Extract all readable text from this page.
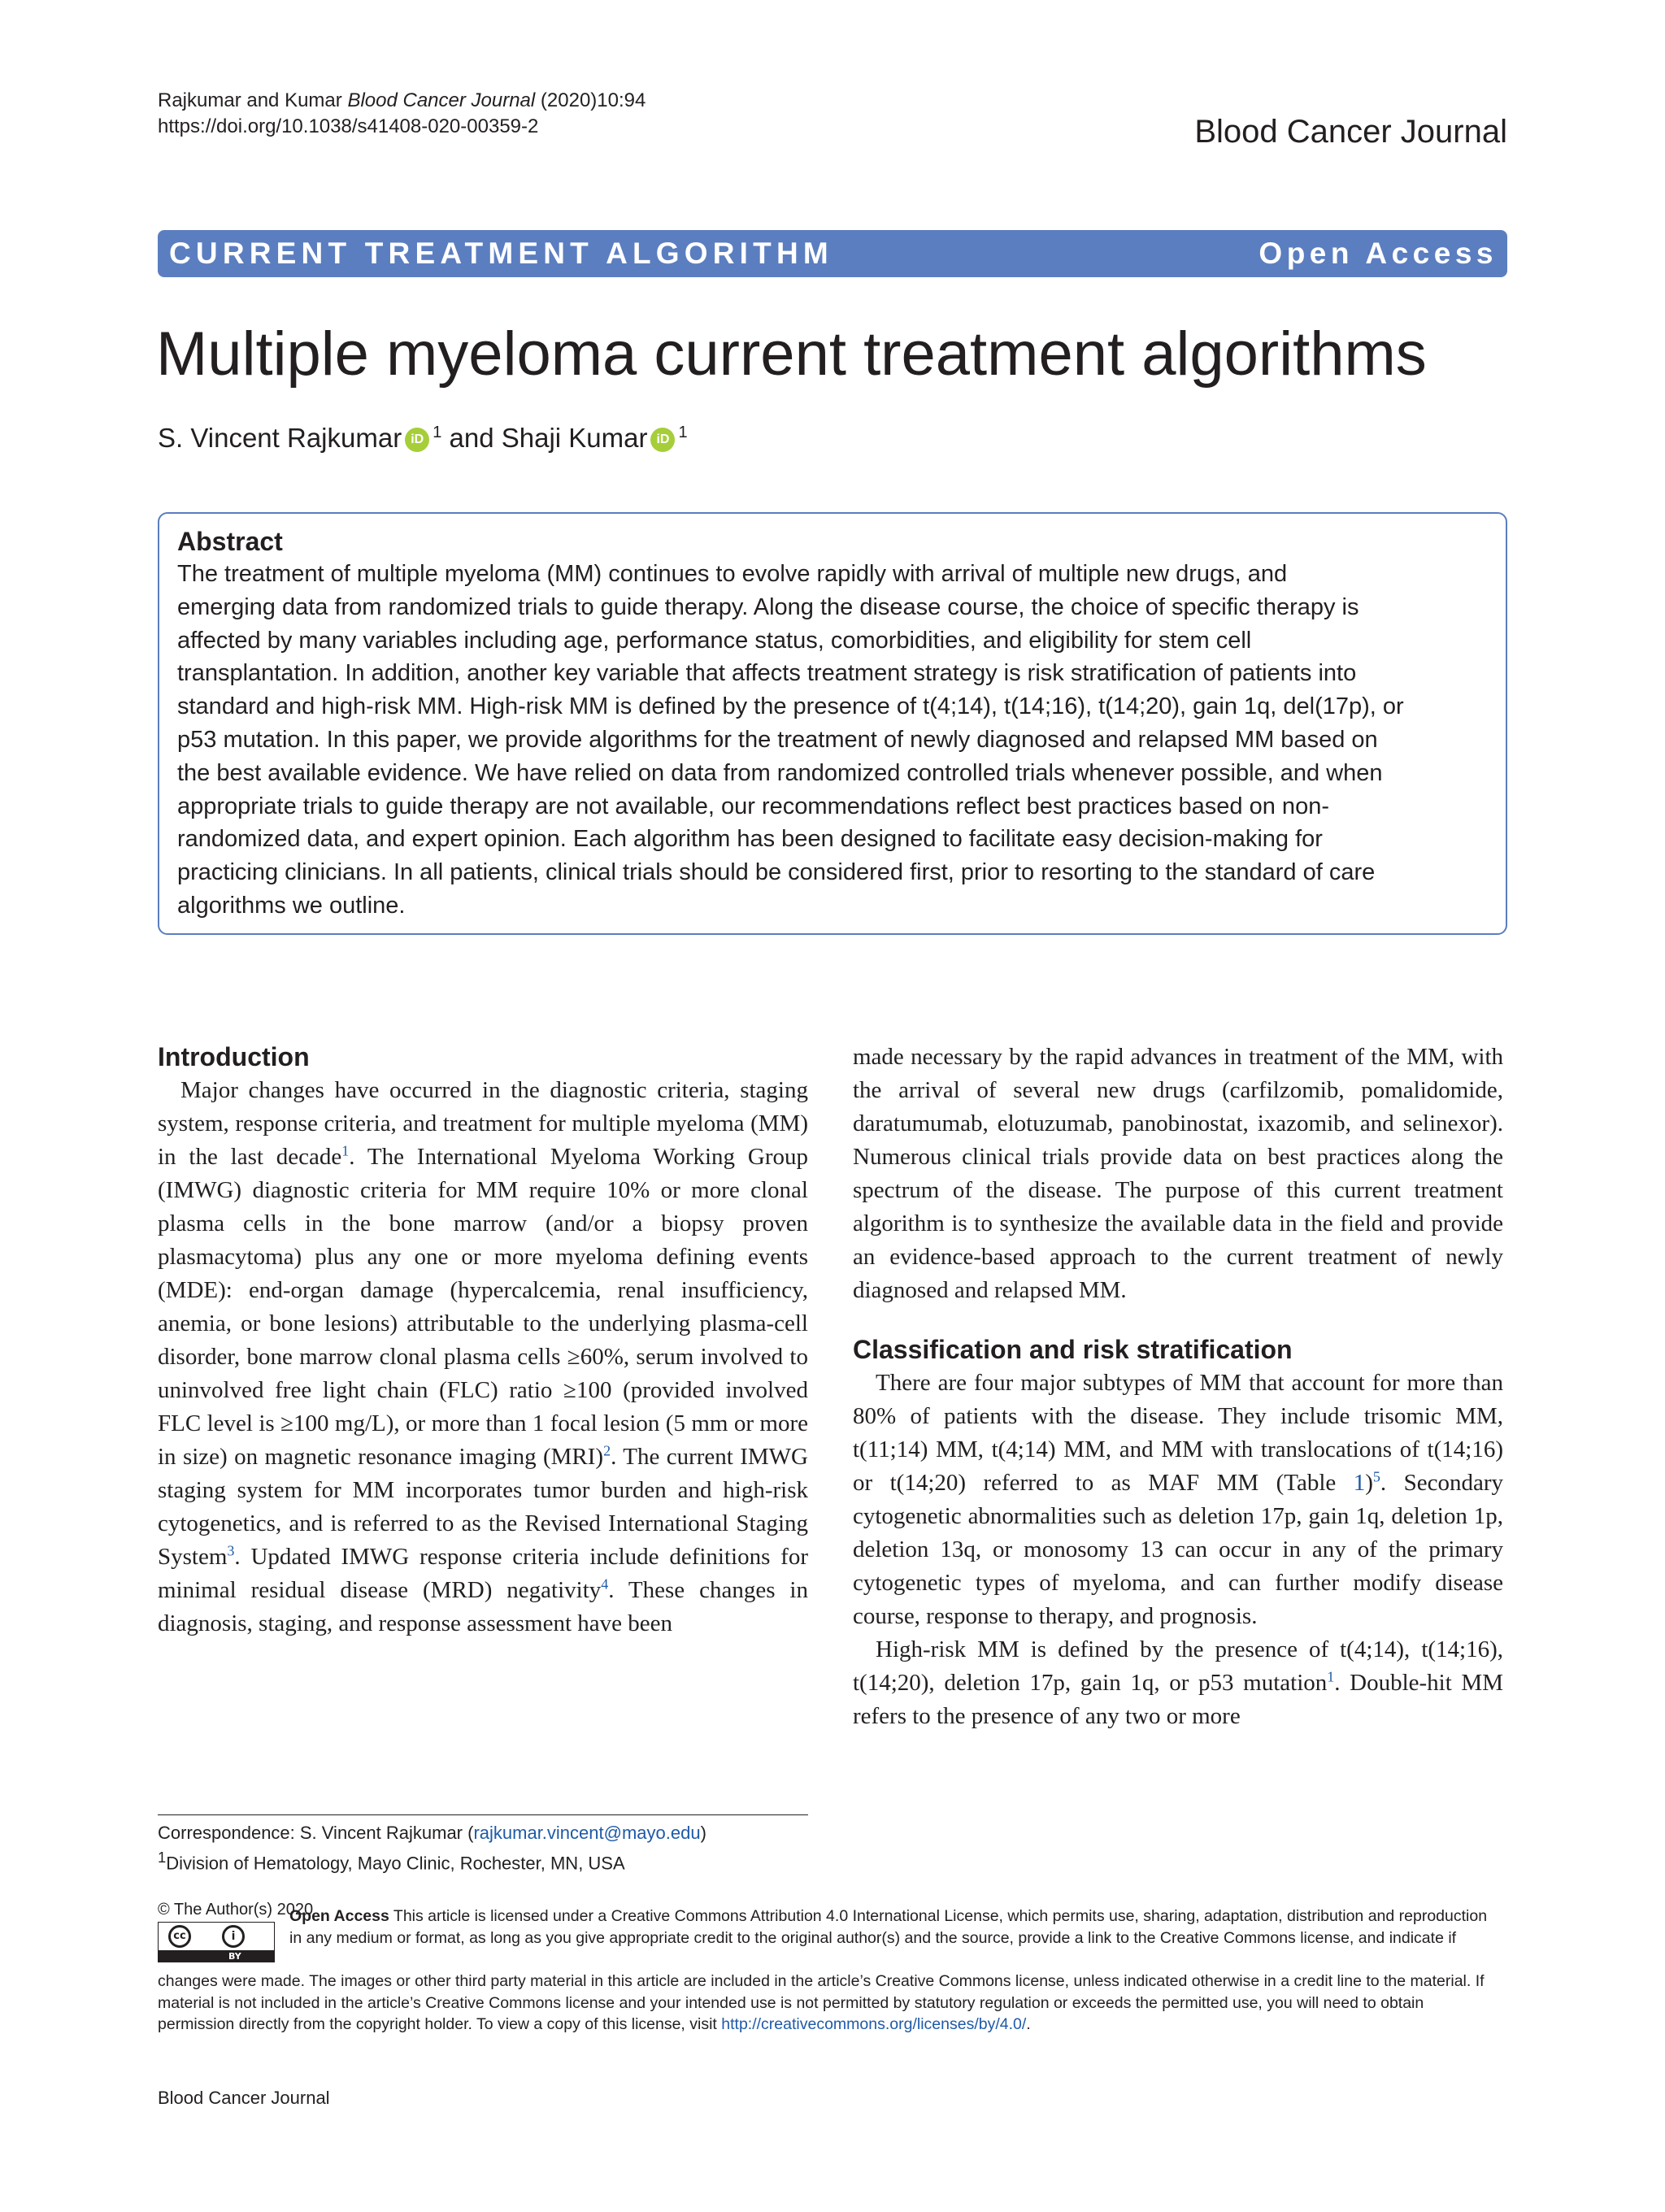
Rajkumar and Kumar Blood Cancer Journal (2020)10:94
https://doi.org/10.1038/s41408-020-00359-2	Blood Cancer Journal
CURRENT TREATMENT ALGORITHM	Open Access
Multiple myeloma current treatment algorithms
S. Vincent Rajkumar iD $^1$ and Shaji Kumar iD $^1$
Abstract

The treatment of multiple myeloma (MM) continues to evolve rapidly with arrival of multiple new drugs, and

emerging data from randomized trials to guide therapy. Along the disease course, the choice of specific therapy is

affected by many variables including age, performance status, comorbidities, and eligibility for stem cell

transplantation. In addition, another key variable that affects treatment strategy is risk stratification of patients into

standard and high-risk MM. High-risk MM is defined by the presence of t(4;14), t(14;16), t(14;20), gain 1q, del(17p), or

p53 mutation. In this paper, we provide algorithms for the treatment of newly diagnosed and relapsed MM based on

the best available evidence. We have relied on data from randomized controlled trials whenever possible, and when

appropriate trials to guide therapy are not available, our recommendations reflect best practices based on non-

randomized data, and expert opinion. Each algorithm has been designed to facilitate easy decision-making for

practicing clinicians. In all patients, clinical trials should be considered first, prior to resorting to the standard of care

algorithms we outline.

Introduction

Major changes have occurred in the diagnostic criteria, staging system, response criteria, and treatment for multiple myeloma (MM) in the last decade$^1$. The International Myeloma Working Group (IMWG) diagnostic criteria for MM require 10% or more clonal plasma cells in the bone marrow (and/or a biopsy proven plasmacytoma) plus any one or more myeloma defining events (MDE): end-organ damage (hypercalcemia, renal insufficiency, anemia, or bone lesions) attributable to the underlying plasma-cell disorder, bone marrow clonal plasma cells ≥60%, serum involved to uninvolved free light chain (FLC) ratio ≥100 (provided involved FLC level is ≥100 mg/L), or more than 1 focal lesion (5 mm or more in size) on magnetic resonance imaging (MRI)$^2$. The current IMWG staging system for MM incorporates tumor burden and high-risk cytogenetics, and is referred to as the Revised International Staging System$^3$. Updated IMWG response criteria include definitions for minimal residual disease (MRD) negativity$^4$. These changes in diagnosis, staging, and response assessment have been

made necessary by the rapid advances in treatment of the MM, with the arrival of several new drugs (carfilzomib, pomalidomide, daratumumab, elotuzumab, panobinostat, ixazomib, and selinexor). Numerous clinical trials provide data on best practices along the spectrum of the disease. The purpose of this current treatment algorithm is to synthesize the available data in the field and provide an evidence-based approach to the current treatment of newly diagnosed and relapsed MM.

Classification and risk stratification

There are four major subtypes of MM that account for more than 80% of patients with the disease. They include trisomic MM, t(11;14) MM, t(4;14) MM, and MM with translocations of t(14;16) or t(14;20) referred to as MAF MM (Table 1)$^5$. Secondary cytogenetic abnormalities such as deletion 17p, gain 1q, deletion 1p, deletion 13q, or monosomy 13 can occur in any of the primary cytogenetic types of myeloma, and can further modify disease course, response to therapy, and prognosis.

High-risk MM is defined by the presence of t(4;14), t(14;16), t(14;20), deletion 17p, gain 1q, or p53 mutation$^1$. Double-hit MM refers to the presence of any two or more

Correspondence: S. Vincent Rajkumar (rajkumar.vincent@mayo.edu)
$^1$Division of Hematology, Mayo Clinic, Rochester, MN, USA
© The Author(s) 2020
cc	i
BY
Open Access This article is licensed under a Creative Commons Attribution 4.0 International License, which permits use, sharing, adaptation, distribution and reproduction
in any medium or format, as long as you give appropriate credit to the original author(s) and the source, provide a link to the Creative Commons license, and indicate if
changes were made. The images or other third party material in this article are included in the article’s Creative Commons license, unless indicated otherwise in a credit line to the material. If
material is not included in the article’s Creative Commons license and your intended use is not permitted by statutory regulation or exceeds the permitted use, you will need to obtain
permission directly from the copyright holder. To view a copy of this license, visit http://creativecommons.org/licenses/by/4.0/.
Blood Cancer Journal
